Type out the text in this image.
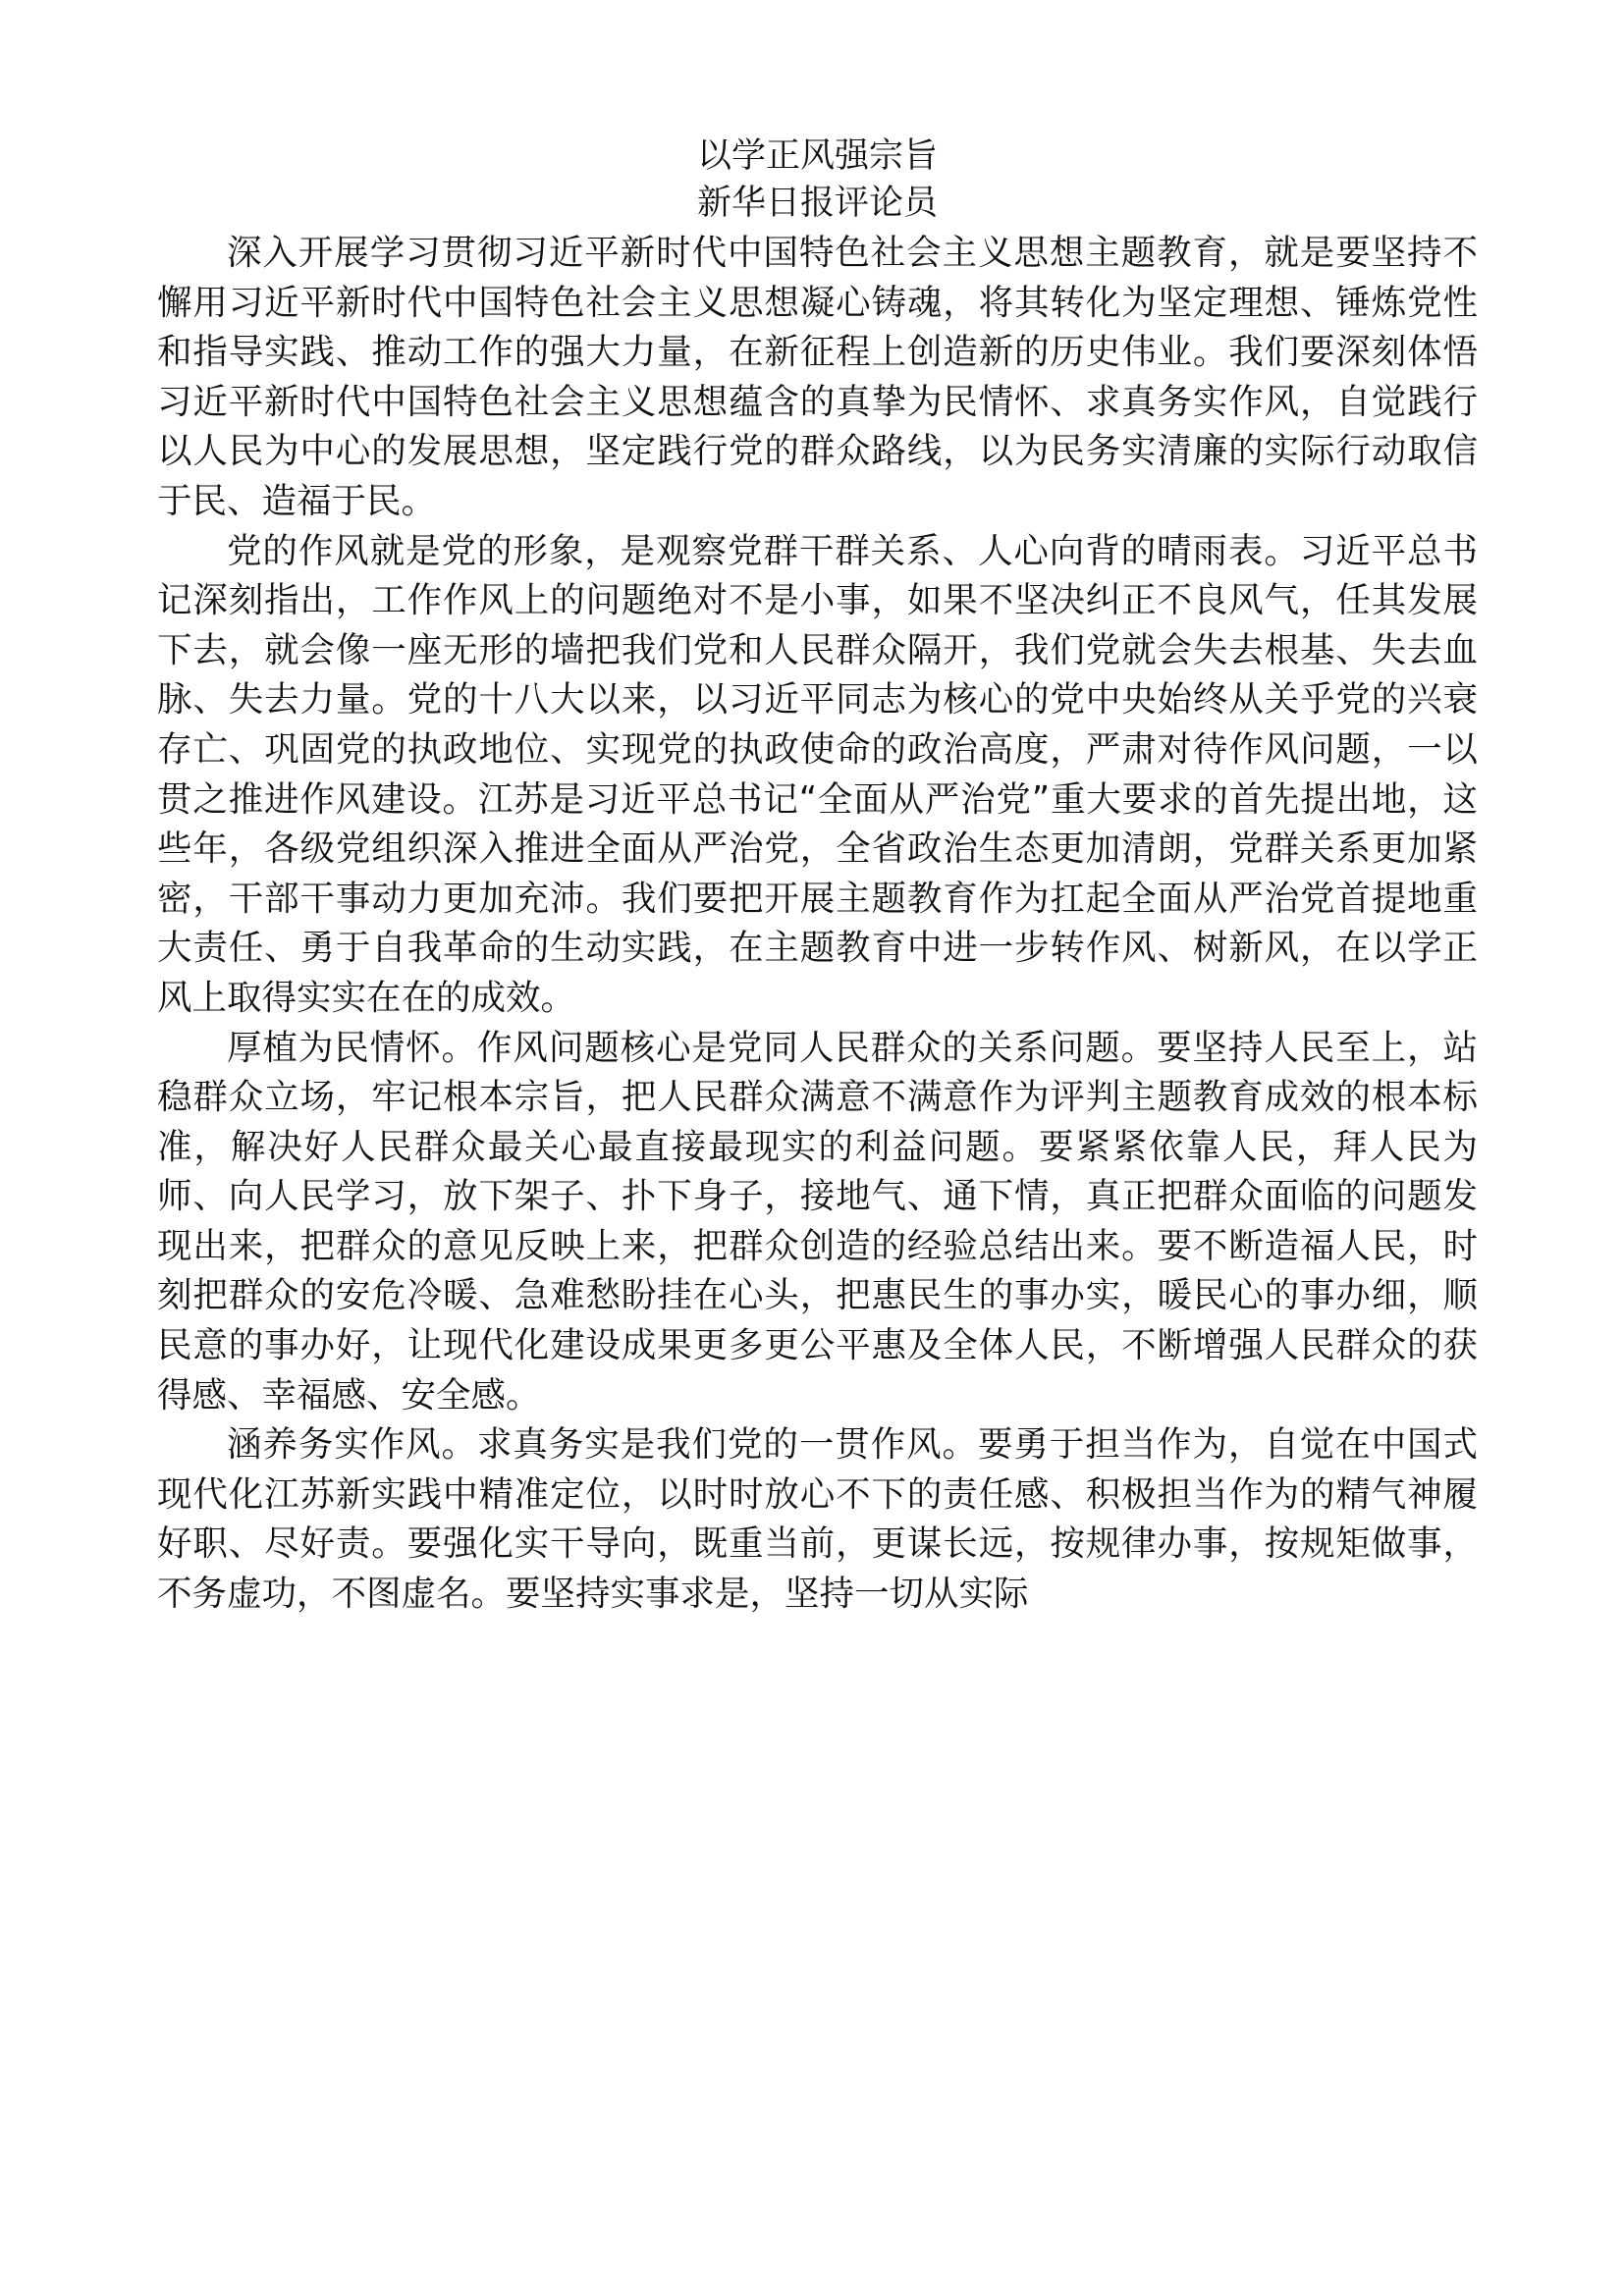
以学正风强宗旨
新华日报评论员

深入开展学习贯彻习近平新时代中国特色社会主义思想主题教育，就是要坚持不懈用习近平新时代中国特色社会主义思想凝心铸魂，将其转化为坚定理想、锤炼党性和指导实践、推动工作的强大力量，在新征程上创造新的历史伟业。我们要深刻体悟习近平新时代中国特色社会主义思想蕴含的真挚为民情怀、求真务实作风，自觉践行以人民为中心的发展思想，坚定践行党的群众路线，以为民务实清廉的实际行动取信于民、造福于民。

党的作风就是党的形象，是观察党群干群关系、人心向背的晴雨表。习近平总书记深刻指出，工作作风上的问题绝对不是小事，如果不坚决纠正不良风气，任其发展下去，就会像一座无形的墙把我们党和人民群众隔开，我们党就会失去根基、失去血脉、失去力量。党的十八大以来，以习近平同志为核心的党中央始终从关乎党的兴衰存亡、巩固党的执政地位、实现党的执政使命的政治高度，严肃对待作风问题，一以贯之推进作风建设。江苏是习近平总书记“全面从严治党”重大要求的首先提出地，这些年，各级党组织深入推进全面从严治党，全省政治生态更加清朗，党群关系更加紧密，干部干事动力更加充沛。我们要把开展主题教育作为扛起全面从严治党首提地重大责任、勇于自我革命的生动实践，在主题教育中进一步转作风、树新风，在以学正风上取得实实在在的成效。

厚植为民情怀。作风问题核心是党同人民群众的关系问题。要坚持人民至上，站稳群众立场，牢记根本宗旨，把人民群众满意不满意作为评判主题教育成效的根本标准，解决好人民群众最关心最直接最现实的利益问题。要紧紧依靠人民，拜人民为师、向人民学习，放下架子、扑下身子，接地气、通下情，真正把群众面临的问题发现出来，把群众的意见反映上来，把群众创造的经验总结出来。要不断造福人民，时刻把群众的安危冷暖、急难愁盼挂在心头，把惠民生的事办实，暖民心的事办细，顺民意的事办好，让现代化建设成果更多更公平惠及全体人民，不断增强人民群众的获得感、幸福感、安全感。

涵养务实作风。求真务实是我们党的一贯作风。要勇于担当作为，自觉在中国式现代化江苏新实践中精准定位，以时时放心不下的责任感、积极担当作为的精气神履好职、尽好责。要强化实干导向，既重当前，更谋长远，按规律办事，按规矩做事，不务虚功，不图虚名。要坚持实事求是，坚持一切从实际
